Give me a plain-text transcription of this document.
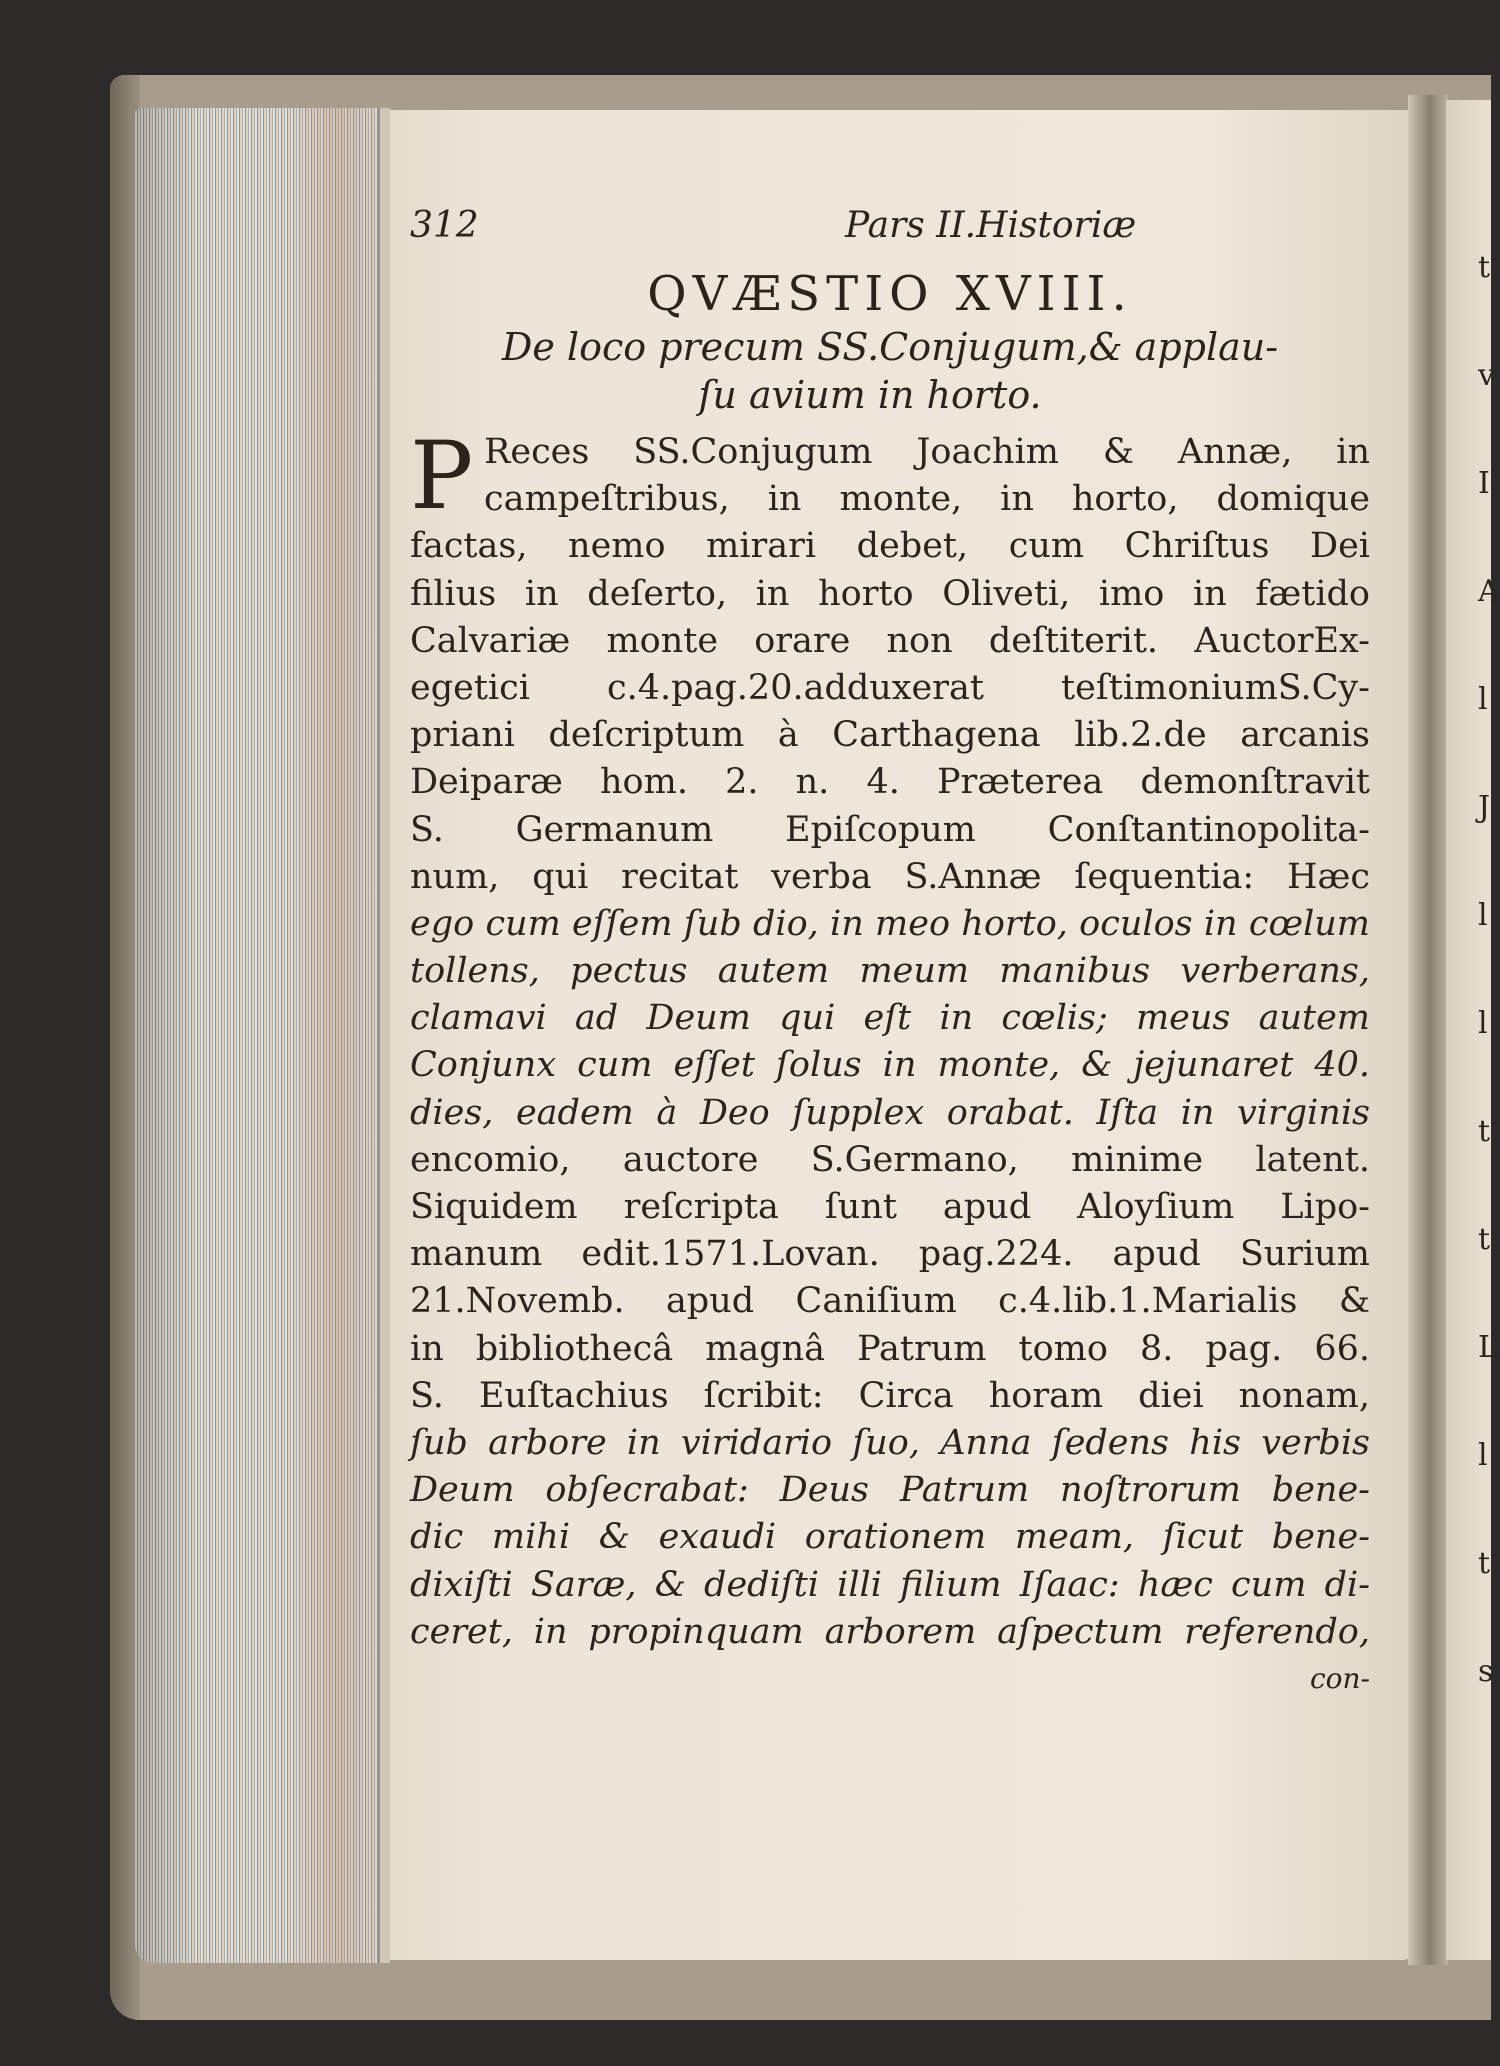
t
v
I
A
l
J
l
l
t
t
L
l
t
s
312	Pars II.Historiæ
QVÆSTIO XVIII.
De loco precum SS.Conjugum,& applau-
ſu avium in horto.
P Reces SS.Conjugum Joachim & Annæ, in
campeſtribus, in monte, in horto, domique
factas, nemo mirari debet, cum Chriſtus Dei
filius in deſerto, in horto Oliveti, imo in fætido
Calvariæ monte orare non deſtiterit. AuctorEx-
egetici c.4.pag.20.adduxerat teſtimoniumS.Cy-
priani deſcriptum à Carthagena lib.2.de arcanis
Deiparæ hom. 2. n. 4. Præterea demonſtravit
S. Germanum Epiſcopum Conſtantinopolita-
num, qui recitat verba S.Annæ ſequentia: Hæc
ego cum eſſem ſub dio, in meo horto, oculos in cœlum
tollens, pectus autem meum manibus verberans,
clamavi ad Deum qui eſt in cœlis; meus autem
Conjunx cum eſſet ſolus in monte, & jejunaret 40.
dies, eadem à Deo ſupplex orabat. Iſta in virginis
encomio, auctore S.Germano, minime latent.
Siquidem reſcripta ſunt apud Aloyſium Lipo-
manum edit.1571.Lovan. pag.224. apud Surium
21.Novemb. apud Caniſium c.4.lib.1.Marialis &
in bibliothecâ magnâ Patrum tomo 8. pag. 66.
S. Euſtachius ſcribit: Circa horam diei nonam,
ſub arbore in viridario ſuo, Anna ſedens his verbis
Deum obſecrabat: Deus Patrum noſtrorum bene-
dic mihi & exaudi orationem meam, ſicut bene-
dixiſti Saræ, & dediſti illi filium Iſaac: hæc cum di-
ceret, in propinquam arborem aſpectum referendo,
con-
